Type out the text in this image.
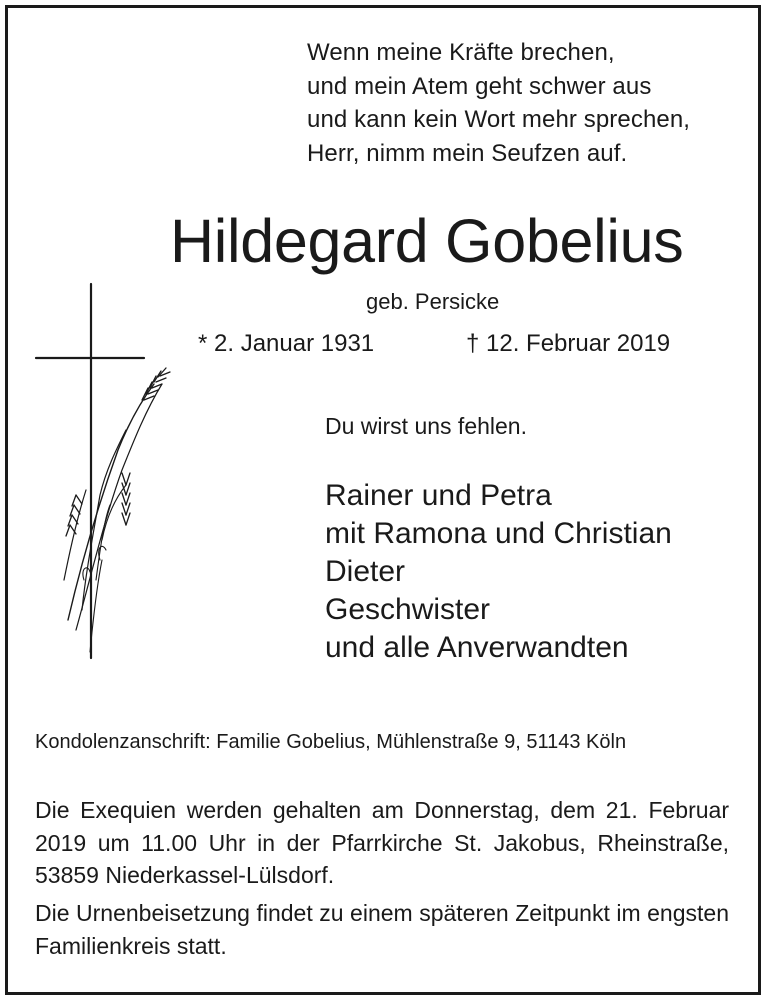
Wenn meine Kräfte brechen,
und mein Atem geht schwer aus
und kann kein Wort mehr sprechen,
Herr, nimm mein Seufzen auf.
Hildegard Gobelius
geb. Persicke
* 2. Januar 1931	† 12. Februar 2019
Du wirst uns fehlen.
Rainer und Petra
mit Ramona und Christian
Dieter
Geschwister
und alle Anverwandten
Kondolenzanschrift: Familie Gobelius, Mühlenstraße 9, 51143 Köln
Die Exequien werden gehalten am Donnerstag, dem 21. Februar 2019 um 11.00 Uhr in der Pfarrkirche St. Jakobus, Rheinstraße, 53859 Niederkassel-Lülsdorf.
Die Urnenbeisetzung findet zu einem späteren Zeitpunkt im engsten Familienkreis statt.
